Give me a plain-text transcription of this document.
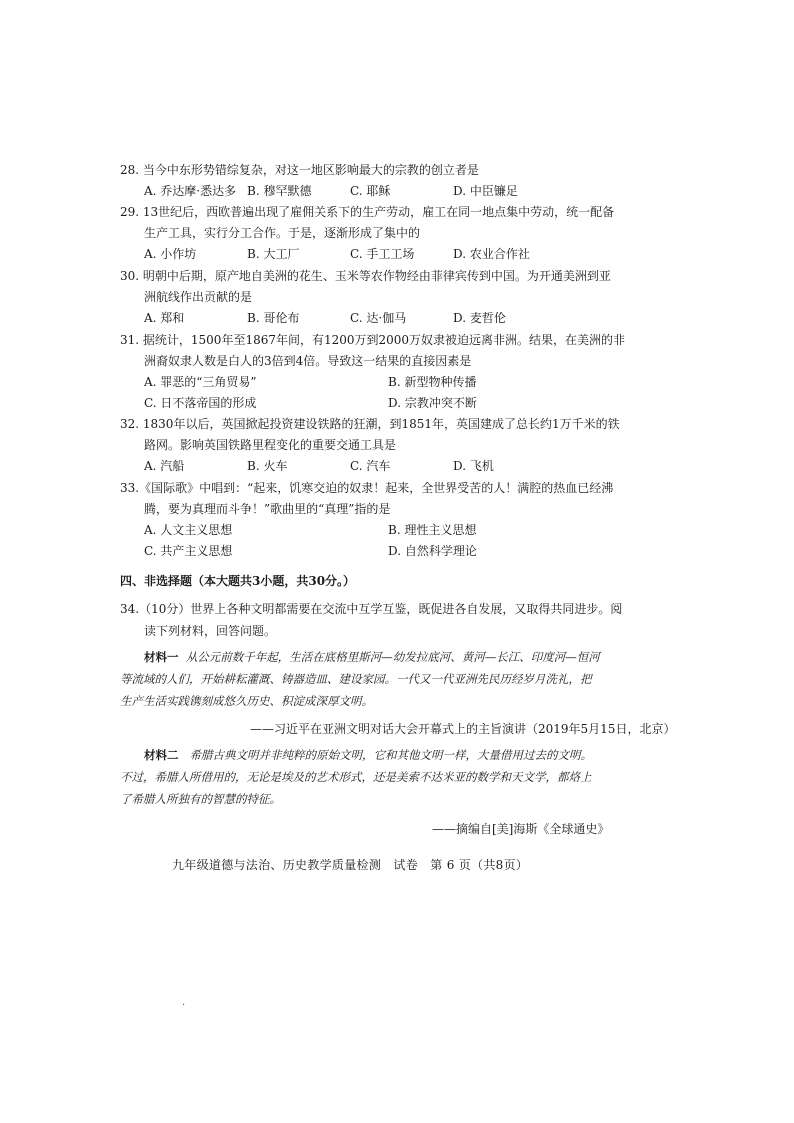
28. 当今中东形势错综复杂，对这一地区影响最大的宗教的创立者是
A. 乔达摩·悉达多 B. 穆罕默德	C. 耶稣	D. 中臣镰足
29. 13世纪后，西欧普遍出现了雇佣关系下的生产劳动，雇工在同一地点集中劳动，统一配备
生产工具，实行分工合作。于是，逐渐形成了集中的
A. 小作坊	B. 大工厂	C. 手工工场	D. 农业合作社
30. 明朝中后期，原产地自美洲的花生、玉米等农作物经由菲律宾传到中国。为开通美洲到亚
洲航线作出贡献的是
A. 郑和	B. 哥伦布	C. 达·伽马	D. 麦哲伦
31. 据统计，1500年至1867年间，有1200万到2000万奴隶被迫远离非洲。结果，在美洲的非
洲裔奴隶人数是白人的3倍到4倍。导致这一结果的直接因素是
A. 罪恶的“三角贸易”	B. 新型物种传播
C. 日不落帝国的形成	D. 宗教冲突不断
32. 1830年以后，英国掀起投资建设铁路的狂潮，到1851年，英国建成了总长约1万千米的铁
路网。影响英国铁路里程变化的重要交通工具是
A. 汽船	B. 火车	C. 汽车	D. 飞机
33.《国际歌》中唱到：“起来，饥寒交迫的奴隶！起来，全世界受苦的人！满腔的热血已经沸
腾，要为真理而斗争！”歌曲里的“真理”指的是
A. 人文主义思想	B. 理性主义思想
C. 共产主义思想	D. 自然科学理论
四、非选择题（本大题共3小题，共30分。）
34.（10分）世界上各种文明都需要在交流中互学互鉴，既促进各自发展，又取得共同进步。阅
读下列材料，回答问题。
材料一 从公元前数千年起，生活在底格里斯河—幼发拉底河、黄河—长江、印度河—恒河
等流域的人们，开始耕耘灌溉、铸器造皿、建设家园。一代又一代亚洲先民历经岁月洗礼，把
生产生活实践镌刻成悠久历史、积淀成深厚文明。
——习近平在亚洲文明对话大会开幕式上的主旨演讲（2019年5月15日，北京）
材料二 希腊古典文明并非纯粹的原始文明，它和其他文明一样，大量借用过去的文明。
不过，希腊人所借用的，无论是埃及的艺术形式，还是美索不达米亚的数学和天文学，都烙上
了希腊人所独有的智慧的特征。
——摘编自[美]海斯《全球通史》
九年级道德与法治、历史教学质量检测　试卷　第 6 页（共8页）
·
